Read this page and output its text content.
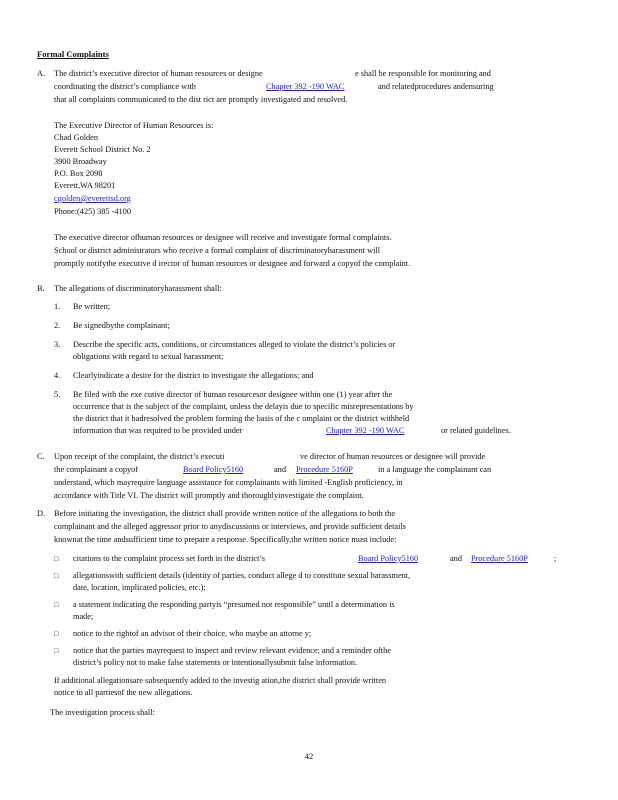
Formal Complaints
A. The district’s executive director of human resources or designe	e shall be responsible for monitoring and
coordinating the district’s compliance with	Chapter 392 -190 WAC	and relatedprocedures andensuring
that all complaints communicated to the dist rict are promptly investigated and resolved.
The Executive Director of Human Resources is:
Chad Golden
Everett School District No. 2
3900 Broadway
P.O. Box 2098
Everett,WA 98201
cgolden@everettsd.org
Phone:(425) 385 -4100
The executive director ofhuman resources or designee will receive and investigate formal complaints.
School or district administrators who receive a formal complaint of discriminatoryharassment will
promptly notifythe executive d irector of human resources or designee and forward a copyof the complaint.
B. The allegations of discriminatoryharassment shall:
1. Be written;
2. Be signedbythe complainant;
3. Describe the specific acts, conditions, or circumstances alleged to violate the district’s policies or
obligations with regard to sexual harassment;
4. Clearlyindicate a desire for the district to investigate the allegations; and
5. Be filed with the exe cutive director of human resourcesor designee within one (1) year after the
occurrence that is the subject of the complaint, unless the delayis due to specific misrepresentations by
the district that it hadresolved the problem forming the basis of the c omplaint or the district withheld
information that was required to be provided under	Chapter 392 -190 WAC	or related guidelines.
C. Upon receipt of the complaint, the district’s executi	ve director of human resources or designee will provide
the complainant a copyof	Board Policy5160	and Procedure 5160P	in a language the complainant can
understand, which mayrequire language assistance for complainants with limited -English proficiency, in
accordance with Title VI. The district will promptly and thoroughlyinvestigate the complaint.
D. Before initiating the investigation, the district shall provide written notice of the allegations to both the
complainant and the alleged aggressor prior to anydiscussions or interviews, and provide sufficient details
knownat the time andsufficient time to prepare a response. Specifically,the written notice must include:
□ citations to the complaint process set forth in the district’s	Board Policy5160	and Procedure 5160P	;
□ allegationswith sufficient details (identity of parties, conduct allege d to constitute sexual harassment,
date, location, implicated policies, etc.);
□ a statement indicating the responding partyis “presumed not responsible” until a determination is
made;
□ notice to the rightof an advisor of their choice, who maybe an attorne y;
□ notice that the parties mayrequest to inspect and review relevant evidence; and a reminder ofthe
district’s policy not to make false statements or intentionallysubmit false information.
If additional allegationsare subsequently added to the investig ation,the district shall provide written
notice to all partiesof the new allegations.
The investigation process shall:
42
